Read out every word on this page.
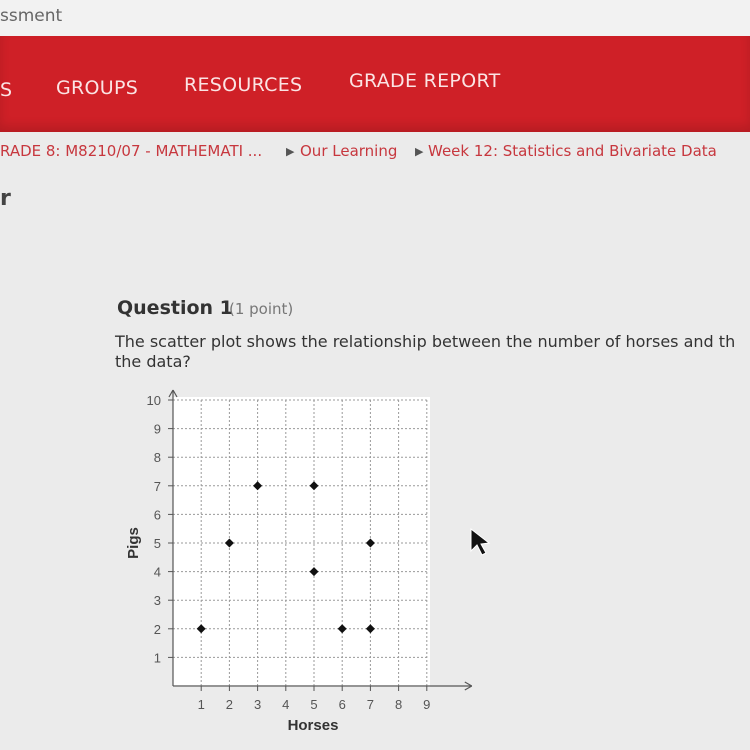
ssment
S GROUPS RESOURCES GRADE REPORT
RADE 8: M8210/07 - MATHEMATI ... ▶ Our Learning ▶ Week 12: Statistics and Bivariate Data
r
Question 1
(1 point)
The scatter plot shows the relationship between the number of horses and th
the data?
1 2 3 4 5 6 7 8 9
1
2
3
4
5
6
7
8
9
10
Horses
Pigs
